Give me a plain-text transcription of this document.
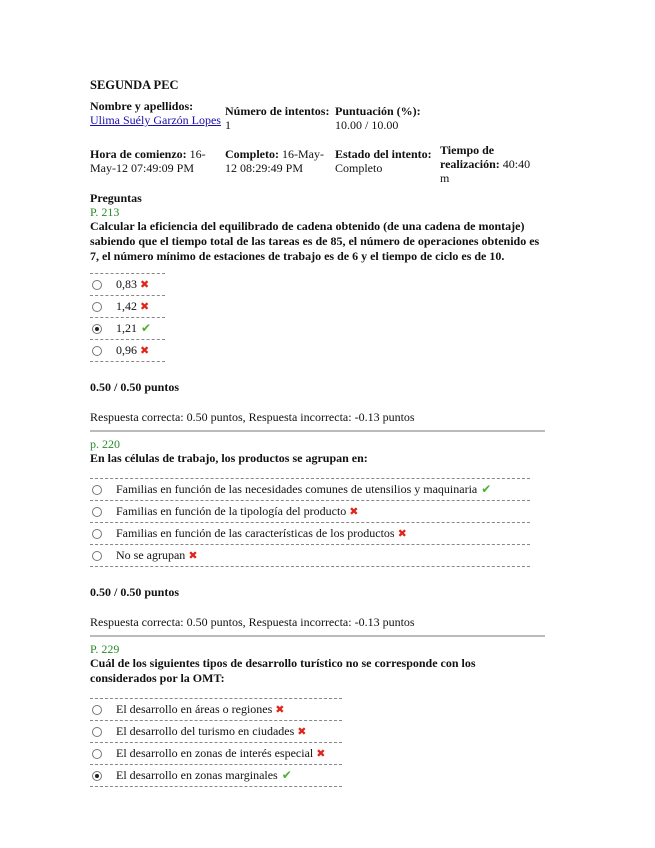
SEGUNDA PEC
Nombre y apellidos:
Ulima Suély Garzón Lopes
Número de intentos: 1
Puntuación (%):
10.00 / 10.00
Hora de comienzo: 16-May-12 07:49:09 PM
Completo: 16-May-12 08:29:49 PM
Estado del intento: Completo
Tiempo de realización: 40:40 m
Preguntas
P. 213
Calcular la eficiencia del equilibrado de cadena obtenido (de una cadena de montaje) sabiendo que el tiempo total de las tareas es de 85, el número de operaciones obtenido es 7, el número mínimo de estaciones de trabajo es de 6 y el tiempo de ciclo es de 10.
0,83 ✖
1,42 ✖
1,21 ✔
0,96 ✖
0.50 / 0.50 puntos
Respuesta correcta: 0.50 puntos, Respuesta incorrecta: -0.13 puntos
p. 220
En las células de trabajo, los productos se agrupan en:
Familias en función de las necesidades comunes de utensilios y maquinaria ✔
Familias en función de la tipología del producto ✖
Familias en función de las características de los productos ✖
No se agrupan ✖
0.50 / 0.50 puntos
Respuesta correcta: 0.50 puntos, Respuesta incorrecta: -0.13 puntos
P. 229
Cuál de los siguientes tipos de desarrollo turístico no se corresponde con los considerados por la OMT:
El desarrollo en áreas o regiones ✖
El desarrollo del turismo en ciudades ✖
El desarrollo en zonas de interés especial ✖
El desarrollo en zonas marginales ✔
